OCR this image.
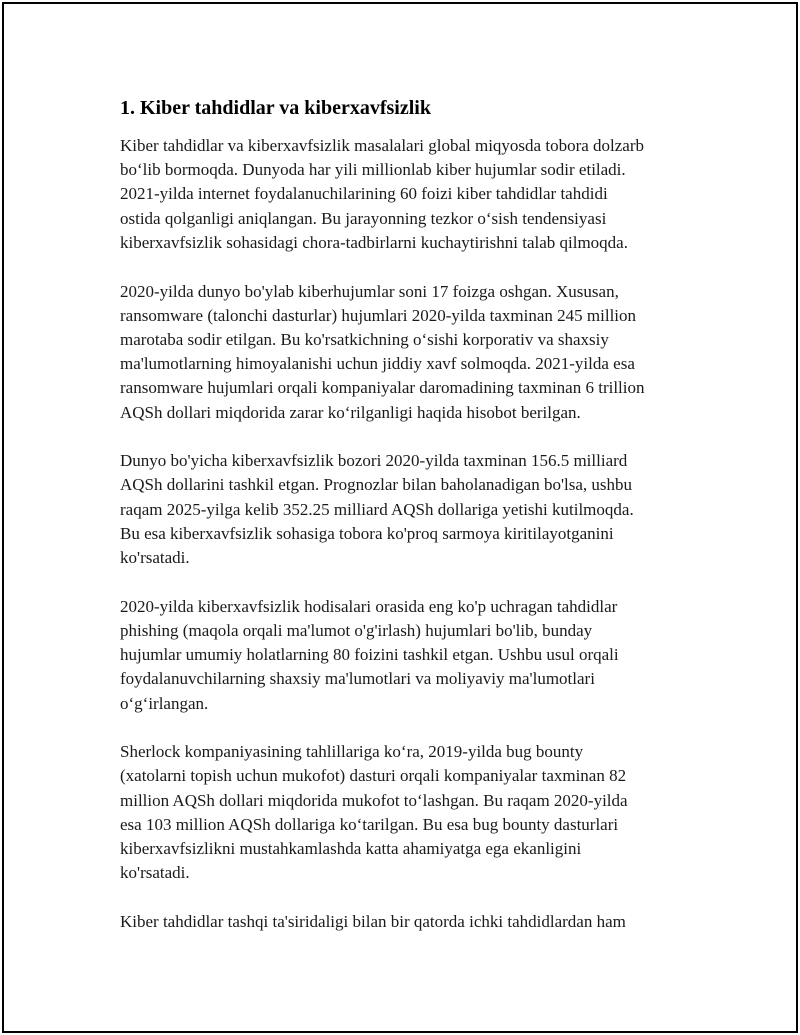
1. Kiber tahdidlar va kiberxavfsizlik

Kiber tahdidlar va kiberxavfsizlik masalalari global miqyosda tobora dolzarb
bo‘lib bormoqda. Dunyoda har yili millionlab kiber hujumlar sodir etiladi.
2021-yilda internet foydalanuchilarining 60 foizi kiber tahdidlar tahdidi
ostida qolganligi aniqlangan. Bu jarayonning tezkor o‘sish tendensiyasi
kiberxavfsizlik sohasidagi chora-tadbirlarni kuchaytirishni talab qilmoqda.

2020-yilda dunyo bo'ylab kiberhujumlar soni 17 foizga oshgan. Xususan,
ransomware (talonchi dasturlar) hujumlari 2020-yilda taxminan 245 million
marotaba sodir etilgan. Bu ko'rsatkichning o‘sishi korporativ va shaxsiy
ma'lumotlarning himoyalanishi uchun jiddiy xavf solmoqda. 2021-yilda esa
ransomware hujumlari orqali kompaniyalar daromadining taxminan 6 trillion
AQSh dollari miqdorida zarar ko‘rilganligi haqida hisobot berilgan.

Dunyo bo'yicha kiberxavfsizlik bozori 2020-yilda taxminan 156.5 milliard
AQSh dollarini tashkil etgan. Prognozlar bilan baholanadigan bo'lsa, ushbu
raqam 2025-yilga kelib 352.25 milliard AQSh dollariga yetishi kutilmoqda.
Bu esa kiberxavfsizlik sohasiga tobora ko'proq sarmoya kiritilayotganini
ko'rsatadi.

2020-yilda kiberxavfsizlik hodisalari orasida eng ko'p uchragan tahdidlar
phishing (maqola orqali ma'lumot o'g'irlash) hujumlari bo'lib, bunday
hujumlar umumiy holatlarning 80 foizini tashkil etgan. Ushbu usul orqali
foydalanuvchilarning shaxsiy ma'lumotlari va moliyaviy ma'lumotlari
o‘g‘irlangan.

Sherlock kompaniyasining tahlillariga ko‘ra, 2019-yilda bug bounty
(xatolarni topish uchun mukofot) dasturi orqali kompaniyalar taxminan 82
million AQSh dollari miqdorida mukofot to‘lashgan. Bu raqam 2020-yilda
esa 103 million AQSh dollariga ko‘tarilgan. Bu esa bug bounty dasturlari
kiberxavfsizlikni mustahkamlashda katta ahamiyatga ega ekanligini
ko'rsatadi.

Kiber tahdidlar tashqi ta'siridaligi bilan bir qatorda ichki tahdidlardan ham
